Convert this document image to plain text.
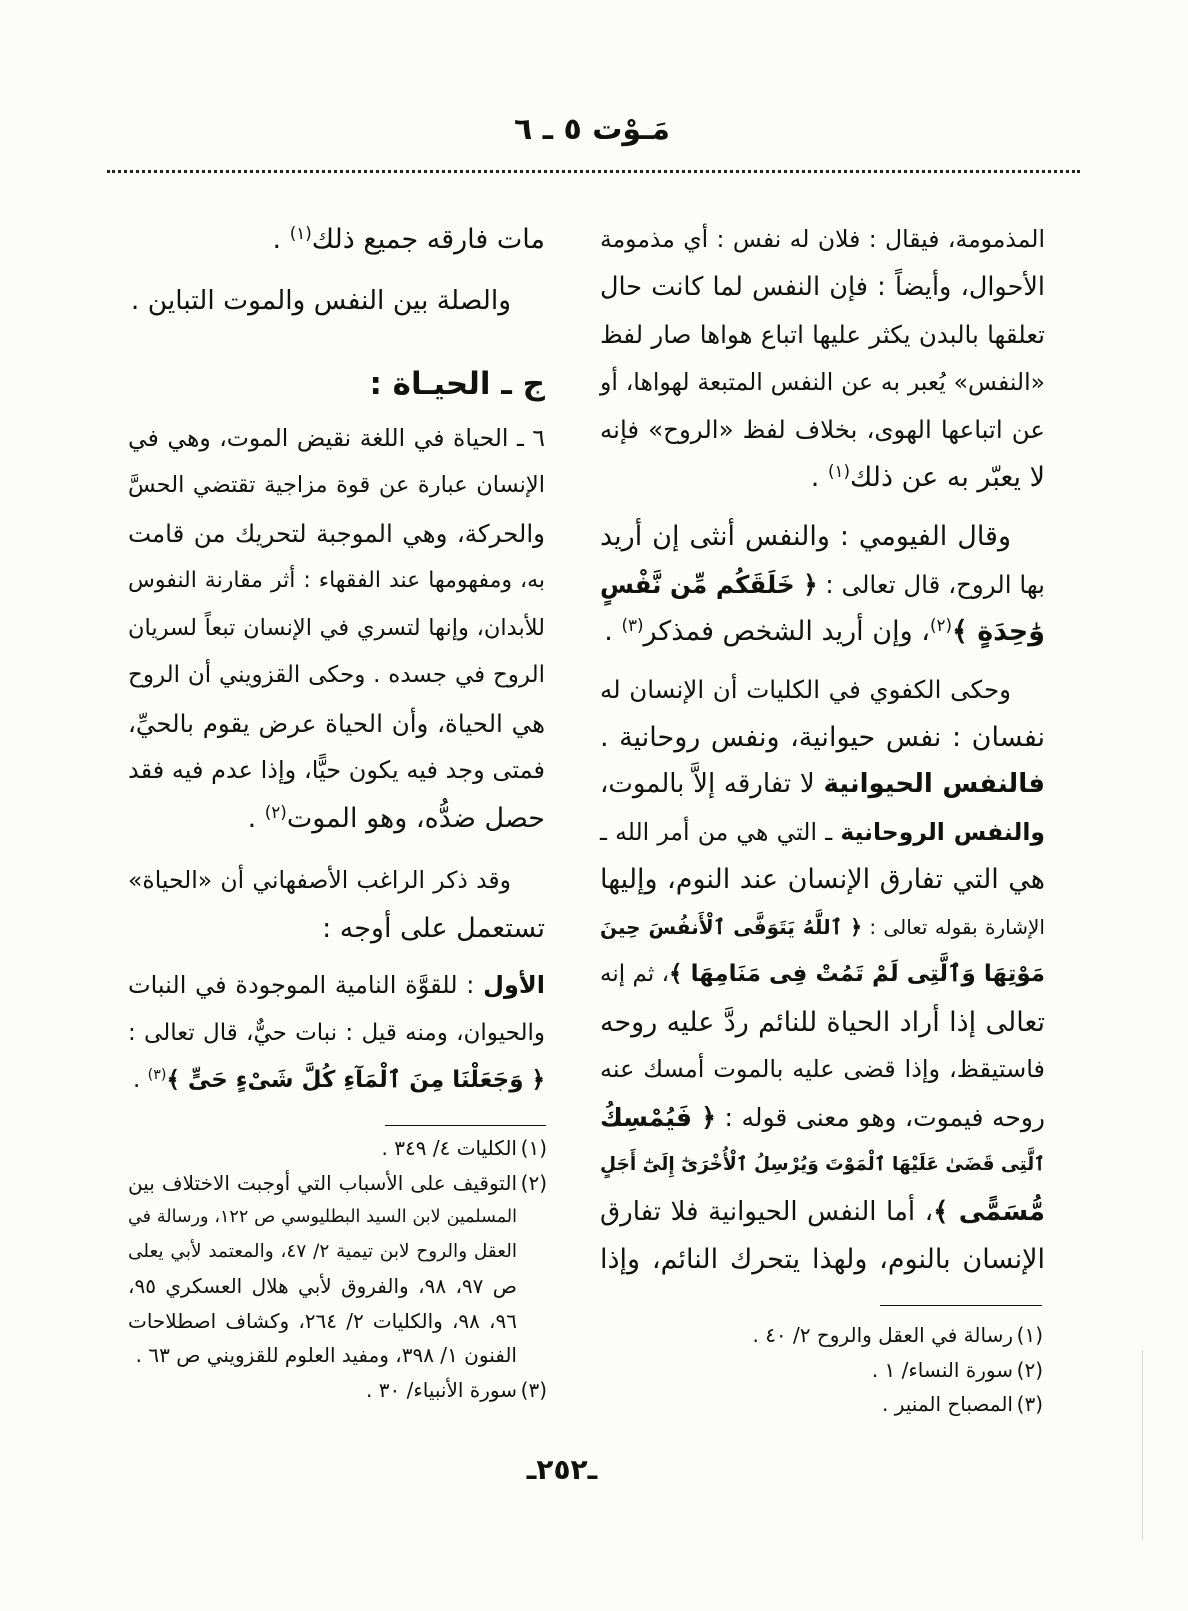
مَـوْت ٥ ـ ٦
المذمومة، فيقال : فلان له نفس : أي مذمومة
الأحوال، وأيضاً : فإن النفس لما كانت حال
تعلقها بالبدن يكثر عليها اتباع هواها صار لفظ
«النفس» يُعبر به عن النفس المتبعة لهواها، أو
عن اتباعها الهوى، بخلاف لفظ «الروح» فإنه
لا يعبّر به عن ذلك$^{(١)}$ .
وقال الفيومي : والنفس أنثى إن أريد
بها الروح، قال تعالى : ﴿ خَلَقَكُم مِّن نَّفْسٍ
وَٰحِدَةٍ ﴾$^{(٢)}$، وإن أريد الشخص فمذكر$^{(٣)}$ .
وحكى الكفوي في الكليات أن الإنسان له
نفسان : نفس حيوانية، ونفس روحانية .
فالنفس الحيوانية لا تفارقه إلاَّ بالموت،
والنفس الروحانية ـ التي هي من أمر الله ـ
هي التي تفارق الإنسان عند النوم، وإليها
الإشارة بقوله تعالى : ﴿ ٱللَّهُ يَتَوَفَّى ٱلْأَنفُسَ حِينَ
مَوْتِهَا وَٱلَّتِى لَمْ تَمُتْ فِى مَنَامِهَا ﴾، ثم إنه
تعالى إذا أراد الحياة للنائم ردَّ عليه روحه
فاستيقظ، وإذا قضى عليه بالموت أمسك عنه
روحه فيموت، وهو معنى قوله : ﴿ فَيُمْسِكُ
ٱلَّتِى قَضَىٰ عَلَيْهَا ٱلْمَوْتَ وَيُرْسِلُ ٱلْأُخْرَىٰٓ إِلَىٰٓ أَجَلٍ
مُّسَمًّى ﴾، أما النفس الحيوانية فلا تفارق
الإنسان بالنوم، ولهذا يتحرك النائم، وإذا
(١)
رسالة في العقل والروح ٢/ ٤٠ .
(٢)
سورة النساء/ ١ .
(٣)
المصباح المنير .
مات فارقه جميع ذلك$^{(١)}$ .
والصلة بين النفس والموت التباين .
ج ـ الحيـاة :
٦ ـ الحياة في اللغة نقيض الموت، وهي في
الإنسان عبارة عن قوة مزاجية تقتضي الحسَّ
والحركة، وهي الموجبة لتحريك من قامت
به، ومفهومها عند الفقهاء : أثر مقارنة النفوس
للأبدان، وإنها لتسري في الإنسان تبعاً لسريان
الروح في جسده . وحكى القزويني أن الروح
هي الحياة، وأن الحياة عرض يقوم بالحيِّ،
فمتى وجد فيه يكون حيًّا، وإذا عدم فيه فقد
حصل ضدُّه، وهو الموت$^{(٢)}$ .
وقد ذكر الراغب الأصفهاني أن «الحياة»
تستعمل على أوجه :
الأول : للقوَّة النامية الموجودة في النبات
والحيوان، ومنه قيل : نبات حيٌّ، قال تعالى :
﴿ وَجَعَلْنَا مِنَ ٱلْمَآءِ كُلَّ شَىْءٍ حَىٍّ ﴾$^{(٣)}$ .
(١)
الكليات ٤/ ٣٤٩ .
(٢)
التوقيف على الأسباب التي أوجبت الاختلاف بين
المسلمين لابن السيد البطليوسي ص ١٢٢، ورسالة في
العقل والروح لابن تيمية ٢/ ٤٧، والمعتمد لأبي يعلى
ص ٩٧، ٩٨، والفروق لأبي هلال العسكري ٩٥،
٩٦، ٩٨، والكليات ٢/ ٢٦٤، وكشاف اصطلاحات
الفنون ١/ ٣٩٨، ومفيد العلوم للقزويني ص ٦٣ .
(٣)
سورة الأنبياء/ ٣٠ .
ـ٢٥٢ـ
